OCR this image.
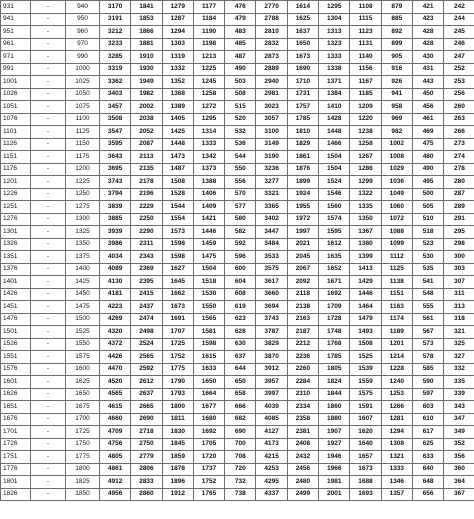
931	-	940	3170	1841	1279	1177	476	2770	1614	1295	1108	879	421	242
941	-	950	3191	1853	1287	1184	479	2788	1625	1304	1115	885	423	244
951	-	960	3212	1866	1294	1190	483	2810	1637	1313	1123	892	428	245
961	-	970	3233	1881	1303	1198	485	2832	1650	1323	1131	899	428	246
971	-	990	3285	1910	1319	1213	487	2873	1673	1333	1140	905	430	247
991	-	1000	3319	1930	1332	1225	490	2889	1690	1338	1156	916	431	252
1001	-	1025	3362	1949	1352	1245	503	2940	1710	1371	1167	926	443	253
1026	-	1050	3403	1982	1368	1258	508	2981	1731	1384	1185	941	450	256
1051	-	1075	3457	2002	1389	1272	515	3023	1757	1410	1209	958	456	260
1076	-	1100	3508	2038	1405	1295	520	3057	1785	1428	1220	969	461	263
1101	-	1125	3547	2052	1425	1314	532	3100	1810	1448	1238	982	469	266
1126	-	1150	3595	2087	1448	1333	536	3149	1829	1466	1258	1002	475	273
1151	-	1175	3643	2113	1473	1342	544	3190	1861	1504	1267	1008	480	274
1176	-	1200	3695	2135	1487	1373	550	3236	1876	1504	1286	1029	490	278
1201	-	1225	3743	2178	1508	1388	556	3277	1899	1524	1299	1036	495	280
1226	-	1250	3794	2196	1528	1406	570	3321	1924	1546	1322	1049	500	287
1251	-	1275	3839	2229	1544	1409	577	3365	1955	1560	1335	1060	505	289
1276	-	1300	3885	2250	1554	1421	580	3402	1972	1574	1350	1072	510	291
1301	-	1325	3939	2290	1573	1446	582	3447	1997	1595	1367	1088	518	295
1326	-	1350	3986	2311	1598	1459	592	3484	2021	1612	1380	1099	523	298
1351	-	1375	4034	2343	1598	1475	596	3533	2045	1635	1399	1112	530	300
1376	-	1400	4089	2369	1627	1504	600	3575	2067	1652	1413	1125	535	303
1401	-	1425	4130	2395	1645	1518	604	3617	2092	1671	1429	1138	541	307
1426	-	1450	4181	2415	1662	1530	608	3660	2118	1692	1446	1151	548	311
1451	-	1475	4223	2437	1673	1550	619	3694	2138	1709	1464	1163	555	313
1476	-	1500	4269	2474	1691	1565	623	3743	2163	1728	1479	1174	561	318
1501	-	1525	4320	2498	1707	1581	628	3787	2187	1748	1493	1189	567	321
1526	-	1550	4372	2524	1725	1598	630	3829	2212	1768	1508	1201	573	325
1551	-	1575	4426	2565	1752	1615	637	3870	2236	1785	1525	1214	578	327
1576	-	1600	4470	2592	1775	1633	644	3912	2260	1805	1539	1228	585	332
1601	-	1625	4520	2612	1790	1650	650	3957	2284	1824	1559	1240	590	335
1626	-	1650	4565	2637	1793	1664	658	3997	2310	1844	1575	1253	597	339
1651	-	1675	4615	2665	1800	1677	666	4039	2334	1860	1591	1266	603	343
1676	-	1700	4660	2690	1811	1680	682	4085	2358	1880	1607	1281	610	347
1701	-	1725	4709	2718	1830	1692	690	4127	2381	1907	1620	1294	617	349
1726	-	1750	4756	2750	1845	1705	700	4173	2408	1927	1640	1308	625	352
1751	-	1775	4805	2779	1859	1720	708	4215	2432	1946	1657	1321	633	356
1776	-	1800	4861	2806	1878	1737	720	4253	2456	1966	1673	1333	640	360
1801	-	1825	4912	2833	1896	1752	732	4295	2480	1981	1688	1346	648	364
1826	-	1850	4956	2860	1912	1765	738	4337	2499	2001	1693	1357	656	367
